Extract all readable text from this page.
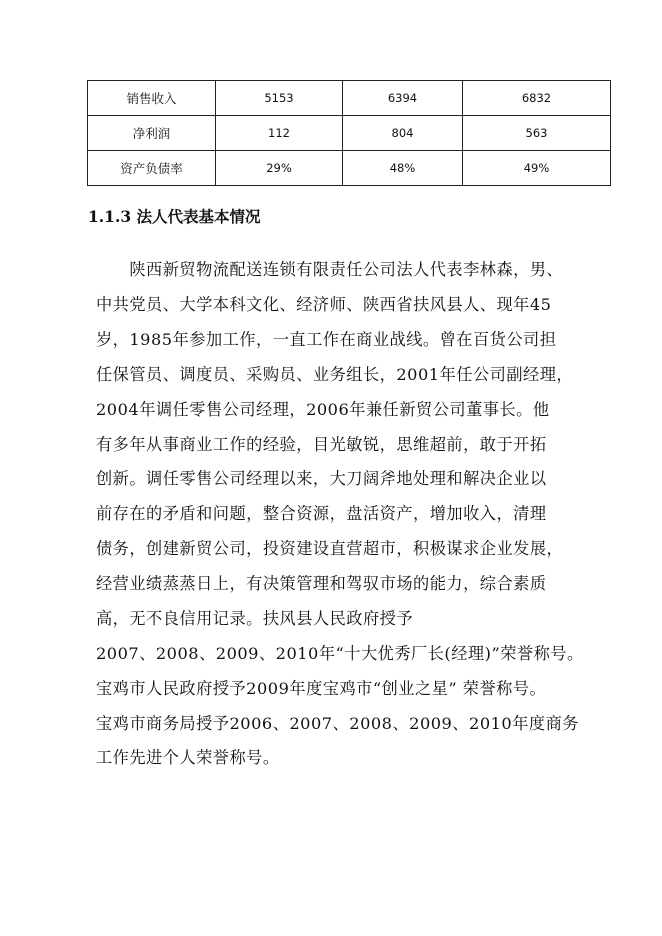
销售收入	5153	6394	6832
净利润	112	804	563
资产负债率	29%	48%	49%
1.1.3 法人代表基本情况

　　陕西新贸物流配送连锁有限责任公司法人代表李林森，男、

中共党员、大学本科文化、经济师、陕西省扶风县人、现年45

岁，1985年参加工作，一直工作在商业战线。曾在百货公司担

任保管员、调度员、采购员、业务组长，2001年任公司副经理，

2004年调任零售公司经理，2006年兼任新贸公司董事长。他

有多年从事商业工作的经验，目光敏锐，思维超前，敢于开拓

创新。调任零售公司经理以来，大刀阔斧地处理和解决企业以

前存在的矛盾和问题，整合资源，盘活资产，增加收入，清理

债务，创建新贸公司，投资建设直营超市，积极谋求企业发展，

经营业绩蒸蒸日上，有决策管理和驾驭市场的能力，综合素质

高，无不良信用记录。扶风县人民政府授予

2007、2008、2009、2010年“十大优秀厂长(经理)”荣誉称号。

宝鸡市人民政府授予2009年度宝鸡市“创业之星” 荣誉称号。

宝鸡市商务局授予2006、2007、2008、2009、2010年度商务

工作先进个人荣誉称号。
